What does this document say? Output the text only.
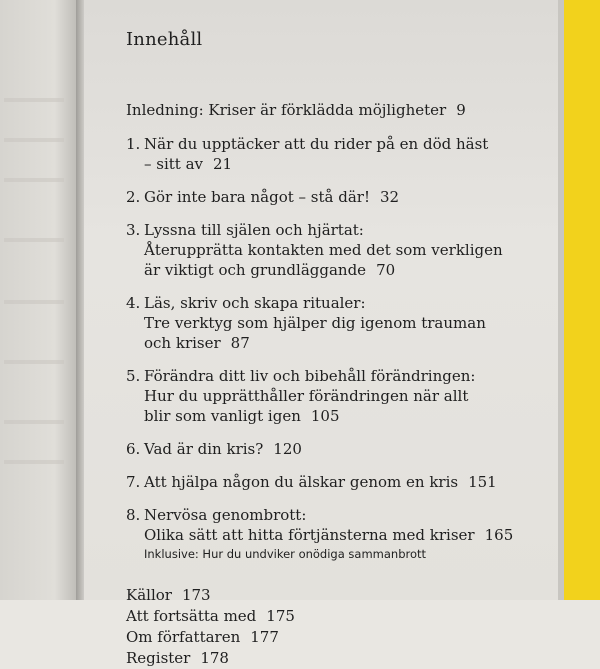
Innehåll
Inledning: Kriser är förklädda möjligheter 9
1. När du upptäcker att du rider på en död häst
– sitt av 21
2. Gör inte bara något – stå där! 32
3. Lyssna till själen och hjärtat:
Återupprätta kontakten med det som verkligen
är viktigt och grundläggande 70
4. Läs, skriv och skapa ritualer:
Tre verktyg som hjälper dig igenom trauman
och kriser 87
5. Förändra ditt liv och bibehåll förändringen:
Hur du upprätthåller förändringen när allt
blir som vanligt igen 105
6. Vad är din kris? 120
7. Att hjälpa någon du älskar genom en kris 151
8. Nervösa genombrott:
Olika sätt att hitta förtjänsterna med kriser 165
Inklusive: Hur du undviker onödiga sammanbrott
Källor 173
Att fortsätta med 175
Om författaren 177
Register 178
